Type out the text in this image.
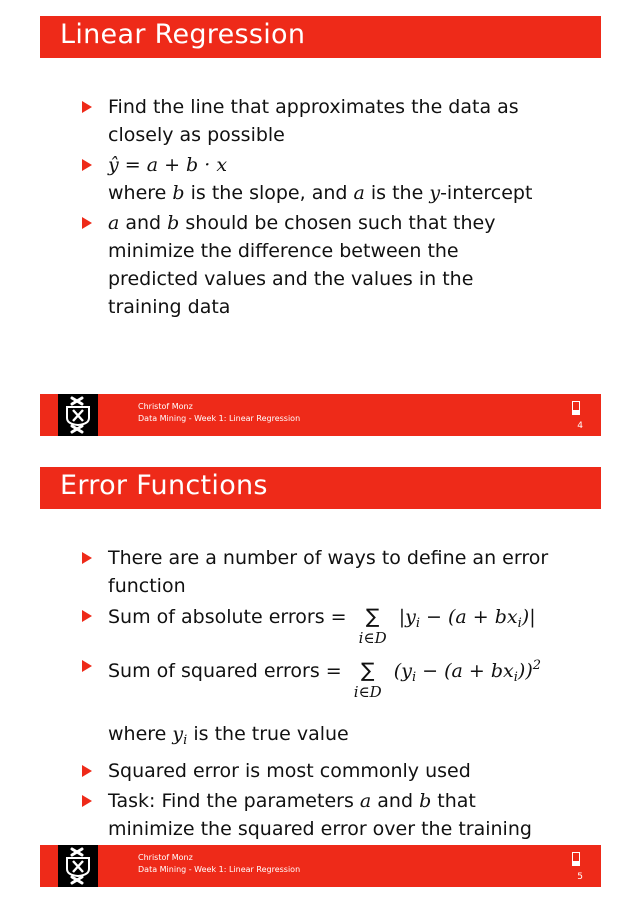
Linear Regression
Find the line that approximates the data as closely as possible
ŷ = a + b · x
where b is the slope, and a is the y-intercept
a and b should be chosen such that they minimize the difference between the predicted values and the values in the training data
Christof Monz
Data Mining - Week 1: Linear Regression
4
Error Functions
There are a number of ways to define an error function
Sum of absolute errors = ∑
i∈D
$|y_i - (a + bx_i)|$
Sum of squared errors = ∑
i∈D
$(y_i - (a + bx_i))^2$

where $y_i$ is the true value
Squared error is most commonly used
Task: Find the parameters a and b that minimize the squared error over the training
Christof Monz
Data Mining - Week 1: Linear Regression
5
